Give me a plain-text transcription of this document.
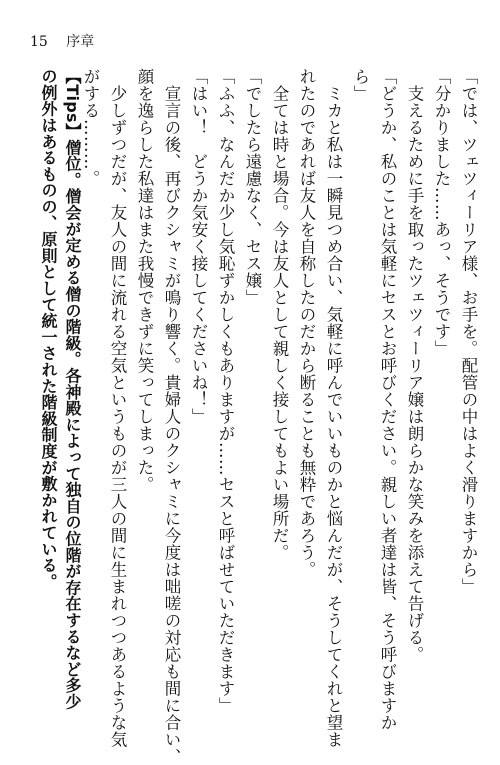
15 序章
「では、ツェツィーリア様、お手を。配管の中はよく滑りますから」
「分かりました……あっ、そうです」
支えるために手を取ったツェツィーリア嬢は朗らかな笑みを添えて告げる。
「どうか、私のことは気軽にセスとお呼びください。親しい者達は皆、そう呼びますか
ら」
ミカと私は一瞬見つめ合い、気軽に呼んでいいものかと悩んだが、そうしてくれと望ま
れたのであれば友人を自称したのだから断ることも無粋であろう。
全ては時と場合。今は友人として親しく接してもよい場所だ。
「でしたら遠慮なく、セス嬢」
「ふふ、なんだか少し気恥ずかしくもありますが……セスと呼ばせていただきます」
「はい！　どうか気安く接してくださいね！」
宣言の後、再びクシャミが鳴り響く。貴婦人のクシャミに今度は咄嗟の対応も間に合い、
顔を逸らした私達はまた我慢できずに笑ってしまった。
少しずつだが、友人の間に流れる空気というものが三人の間に生まれつつあるような気
がする………。
【Tips】僧位。僧会が定める僧の階級。各神殿によって独自の位階が存在するなど多少
の例外はあるものの、原則として統一された階級制度が敷かれている。
